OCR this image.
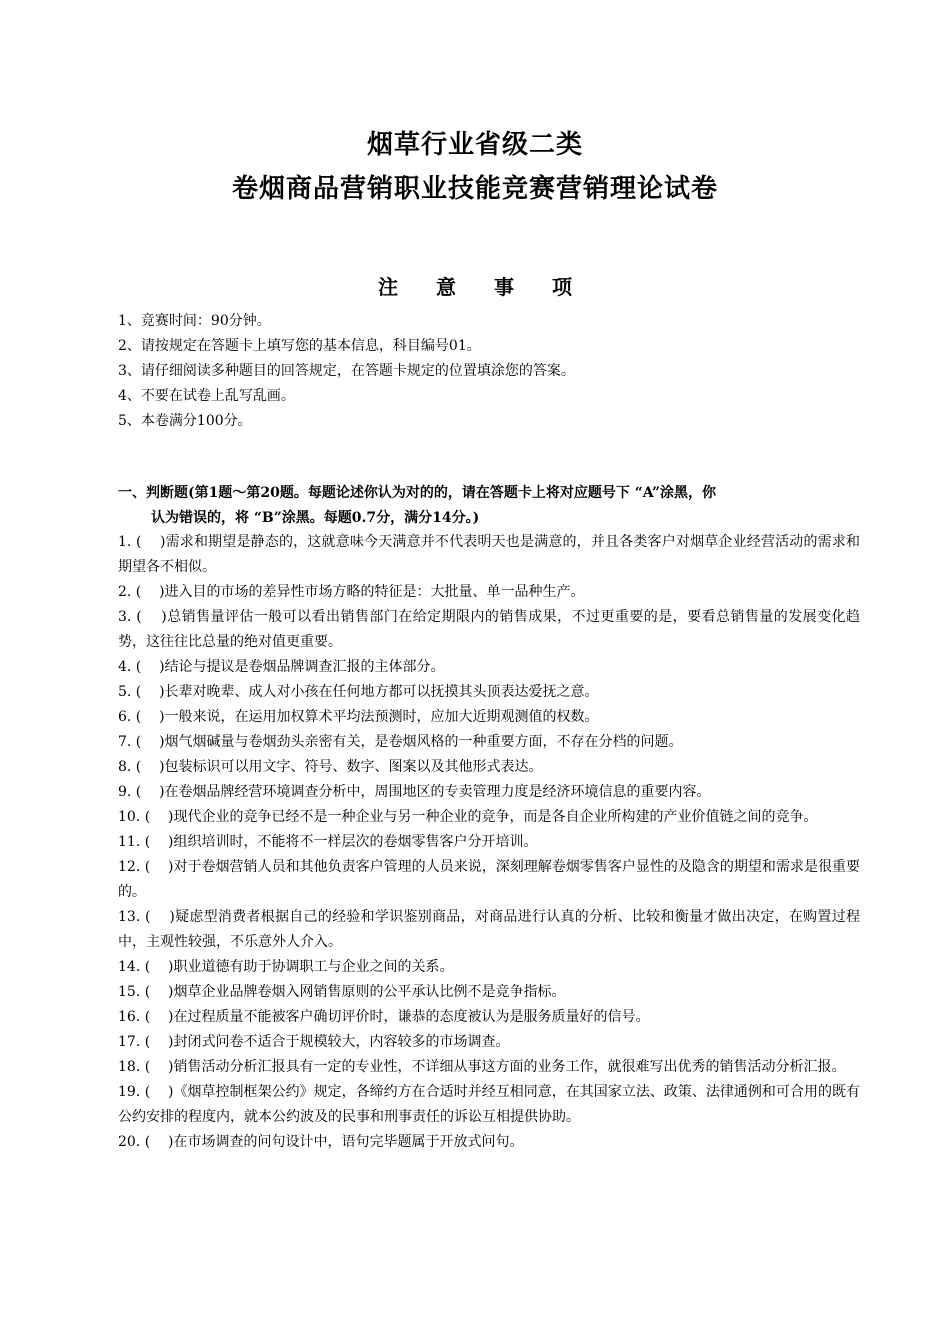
烟草行业省级二类
卷烟商品营销职业技能竞赛营销理论试卷
注意事项
1、竞赛时间：90分钟。
2、请按规定在答题卡上填写您的基本信息，科目编号01。
3、请仔细阅读多种题目的回答规定，在答题卡规定的位置填涂您的答案。
4、不要在试卷上乱写乱画。
5、本卷满分100分。
一、判断题(第1题～第20题。每题论述你认为对的的，请在答题卡上将对应题号下 “A”涂黑，你
认为错误的，将 “B”涂黑。每题0.7分，满分14分。)
1. (    )需求和期望是静态的，这就意味今天满意并不代表明天也是满意的，并且各类客户对烟草企业经营活动的需求和期望各不相似。
2. (    )进入目的市场的差异性市场方略的特征是：大批量、单一品种生产。
3. (    )总销售量评估一般可以看出销售部门在给定期限内的销售成果，不过更重要的是，要看总销售量的发展变化趋势，这往往比总量的绝对值更重要。
4. (    )结论与提议是卷烟品牌调查汇报的主体部分。
5. (    )长辈对晚辈、成人对小孩在任何地方都可以抚摸其头顶表达爱抚之意。
6. (    )一般来说，在运用加权算术平均法预测时，应加大近期观测值的权数。
7. (    )烟气烟碱量与卷烟劲头亲密有关，是卷烟风格的一种重要方面，不存在分档的问题。
8. (    )包装标识可以用文字、符号、数字、图案以及其他形式表达。
9. (    )在卷烟品牌经营环境调查分析中，周围地区的专卖管理力度是经济环境信息的重要内容。
10. (    )现代企业的竞争已经不是一种企业与另一种企业的竞争，而是各自企业所构建的产业价值链之间的竞争。
11. (    )组织培训时，不能将不一样层次的卷烟零售客户分开培训。
12. (    )对于卷烟营销人员和其他负责客户管理的人员来说，深刻理解卷烟零售客户显性的及隐含的期望和需求是很重要的。
13. (    )疑虑型消费者根据自己的经验和学识鉴别商品，对商品进行认真的分析、比较和衡量才做出决定，在购置过程中，主观性较强，不乐意外人介入。
14. (    )职业道德有助于协调职工与企业之间的关系。
15. (    )烟草企业品牌卷烟入网销售原则的公平承认比例不是竞争指标。
16. (    )在过程质量不能被客户确切评价时，谦恭的态度被认为是服务质量好的信号。
17. (    )封闭式问卷不适合于规模较大，内容较多的市场调查。
18. (    )销售活动分析汇报具有一定的专业性，不详细从事这方面的业务工作，就很难写出优秀的销售活动分析汇报。
19. (    )《烟草控制框架公约》规定，各缔约方在合适时并经互相同意，在其国家立法、政策、法律通例和可合用的既有公约安排的程度内，就本公约波及的民事和刑事责任的诉讼互相提供协助。
20. (    )在市场调查的问句设计中，语句完毕题属于开放式问句。
